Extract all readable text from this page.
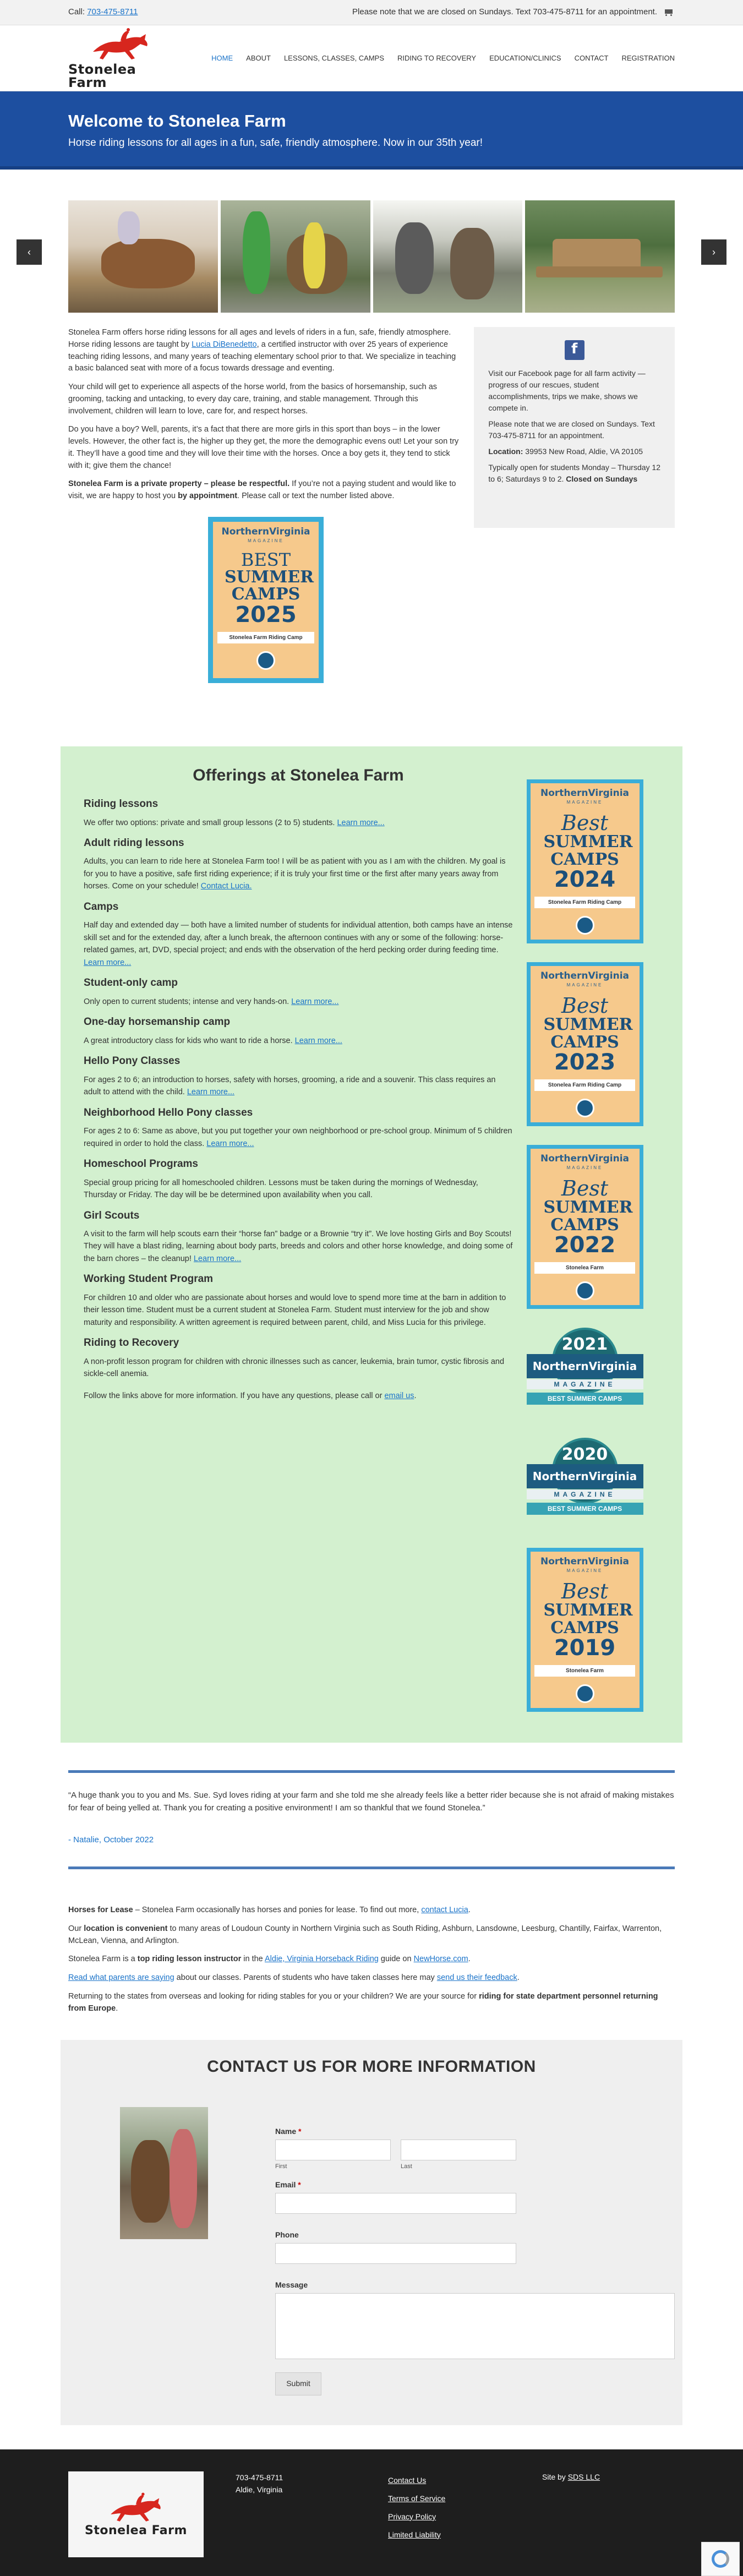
Call: 703-475-8711	Please note that we are closed on Sundays. Text 703-475-8711 for an appointment.
Stonelea Farm
HOME ABOUT LESSONS, CLASSES, CAMPS RIDING TO RECOVERY EDUCATION/CLINICS CONTACT REGISTRATION
Welcome to Stonelea Farm

Horse riding lessons for all ages in a fun, safe, friendly atmosphere. Now in our 35th year!

‹	›

Stonelea Farm offers horse riding lessons for all ages and levels of riders in a fun, safe, friendly atmosphere. Horse riding lessons are taught by Lucia DiBenedetto, a certified instructor with over 25 years of experience teaching riding lessons, and many years of teaching elementary school prior to that. We specialize in teaching a basic balanced seat with more of a focus towards dressage and eventing.

Your child will get to experience all aspects of the horse world, from the basics of horsemanship, such as grooming, tacking and untacking, to every day care, training, and stable management. Through this involvement, children will learn to love, care for, and respect horses.

Do you have a boy? Well, parents, it’s a fact that there are more girls in this sport than boys – in the lower levels. However, the other fact is, the higher up they get, the more the demographic evens out! Let your son try it. They’ll have a good time and they will love their time with the horses. Once a boy gets it, they tend to stick with it; give them the chance!

Stonelea Farm is a private property – please be respectful. If you’re not a paying student and would like to visit, we are happy to host you by appointment. Please call or text the number listed above.

NorthernVirginia
MAGAZINE
BEST
SUMMER CAMPS
2025
Stonelea Farm Riding Camp
f

Visit our Facebook page for all farm activity — progress of our rescues, student accomplishments, trips we make, shows we compete in.

Please note that we are closed on Sundays. Text 703-475-8711 for an appointment.

Location: 39953 New Road, Aldie, VA 20105

Typically open for students Monday – Thursday 12 to 6; Saturdays 9 to 2. Closed on Sundays

Offerings at Stonelea Farm
Riding lessons

We offer two options: private and small group lessons (2 to 5) students. Learn more...

Adult riding lessons

Adults, you can learn to ride here at Stonelea Farm too! I will be as patient with you as I am with the children. My goal is for you to have a positive, safe first riding experience; if it is truly your first time or the first after many years away from horses. Come on your schedule! Contact Lucia.

Camps

Half day and extended day — both have a limited number of students for individual attention, both camps have an intense skill set and for the extended day, after a lunch break, the afternoon continues with any or some of the following: horse-related games, art, DVD, special project; and ends with the observation of the herd pecking order during feeding time. Learn more...

Student-only camp

Only open to current students; intense and very hands-on. Learn more...

One-day horsemanship camp

A great introductory class for kids who want to ride a horse. Learn more...

Hello Pony Classes

For ages 2 to 6; an introduction to horses, safety with horses, grooming, a ride and a souvenir. This class requires an adult to attend with the child. Learn more...

Neighborhood Hello Pony classes

For ages 2 to 6: Same as above, but you put together your own neighborhood or pre-school group. Minimum of 5 children required in order to hold the class. Learn more...

Homeschool Programs

Special group pricing for all homeschooled children. Lessons must be taken during the mornings of Wednesday, Thursday or Friday. The day will be be determined upon availability when you call.

Girl Scouts

A visit to the farm will help scouts earn their “horse fan” badge or a Brownie “try it”. We love hosting Girls and Boy Scouts! They will have a blast riding, learning about body parts, breeds and colors and other horse knowledge, and doing some of the barn chores – the cleanup! Learn more...

Working Student Program

For children 10 and older who are passionate about horses and would love to spend more time at the barn in addition to their lesson time. Student must be a current student at Stonelea Farm. Student must interview for the job and show maturity and responsibility. A written agreement is required between parent, child, and Miss Lucia for this privilege.

Riding to Recovery

A non-profit lesson program for children with chronic illnesses such as cancer, leukemia, brain tumor, cystic fibrosis and sickle-cell anemia.

Follow the links above for more information. If you have any questions, please call or email us.

NorthernVirginia
MAGAZINE
Best
SUMMER CAMPS
2024
Stonelea Farm Riding Camp
NorthernVirginia
MAGAZINE
Best
SUMMER CAMPS
2023
Stonelea Farm Riding Camp
NorthernVirginia
MAGAZINE
Best
SUMMER CAMPS
2022
Stonelea Farm
2021
NorthernVirginia
MAGAZINE
BEST SUMMER CAMPS
2020
NorthernVirginia
MAGAZINE
BEST SUMMER CAMPS
NorthernVirginia
MAGAZINE
Best
SUMMER CAMPS
2019
Stonelea Farm

“A huge thank you to you and Ms. Sue. Syd loves riding at your farm and she told me she already feels like a better rider because she is not afraid of making mistakes for fear of being yelled at. Thank you for creating a positive environment! I am so thankful that we found Stonelea.”

- Natalie, October 2022

Horses for Lease – Stonelea Farm occasionally has horses and ponies for lease. To find out more, contact Lucia.

Our location is convenient to many areas of Loudoun County in Northern Virginia such as South Riding, Ashburn, Lansdowne, Leesburg, Chantilly, Fairfax, Warrenton, McLean, Vienna, and Arlington.

Stonelea Farm is a top riding lesson instructor in the Aldie, Virginia Horseback Riding guide on NewHorse.com.

Read what parents are saying about our classes. Parents of students who have taken classes here may send us their feedback.

Returning to the states from overseas and looking for riding stables for you or your children? We are your source for riding for state department personnel returning from Europe.

CONTACT US FOR MORE INFORMATION
Name *
First	Last
Email *
Phone
Message
Submit
Stonelea Farm
703-475-8711
Aldie, Virginia
Contact Us
Terms of Service
Privacy Policy
Limited Liability
Site by SDS LLC
